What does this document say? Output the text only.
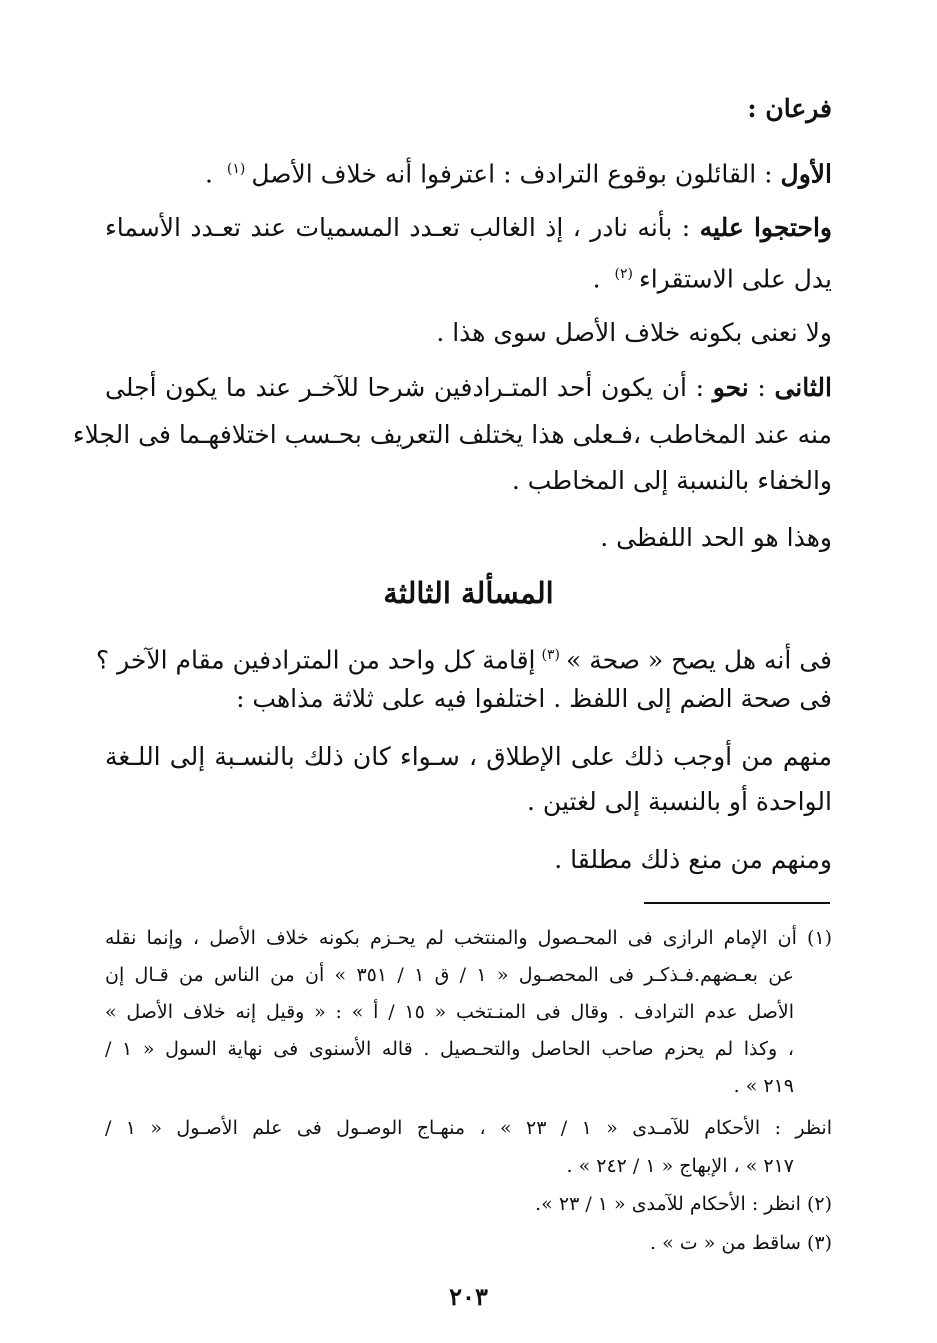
فرعان :
الأول : القائلون بوقوع الترادف : اعترفوا أنه خلاف الأصل$^{(١)}$ .
واحتجوا عليه : بأنه نادر ، إذ الغالب تعـدد المسميات عند تعـدد الأسماء
يدل على الاستقراء$^{(٢)}$ .
ولا نعنى بكونه خلاف الأصل سوى هذا .
الثانى : نحو : أن يكون أحد المتـرادفين شرحا للآخـر عند ما يكون أجلى
منه عند المخاطب ،فـعلى هذا يختلف التعريف بحـسب اختلافهـما فى الجلاء
والخفاء بالنسبة إلى المخاطب .
وهذا هو الحد اللفظى .
المسألة الثالثة
فى أنه هل يصح « صحة »$^{(٣)}$إقامة كل واحد من المترادفين مقام الآخر ؟
فى صحة الضم إلى اللفظ . اختلفوا فيه على ثلاثة مذاهب :
منهم من أوجب ذلك على الإطلاق ، سـواء كان ذلك بالنسـبة إلى اللـغة
الواحدة أو بالنسبة إلى لغتين .
ومنهم من منع ذلك مطلقا .
(١) أن الإمام الرازى فى المحـصول والمنتخب لم يحـزم بكونه خلاف الأصل ، وإنما نقله
عن بعـضهم.فـذكـر فى المحصـول « ١ / ق ١ / ٣٥١ » أن من الناس من قـال إن
الأصل عدم الترادف . وقال فى المنـتخب « ١٥ / أ » : « وقيل إنه خلاف الأصل »
، وكذا لم يحزم صاحب الحاصل والتحـصيل . قاله الأسنوى فى نهاية السول « ١ /
٢١٩ » .
انظر : الأحكام للآمـدى « ١ / ٢٣ » ، منهـاج الوصـول فى علم الأصـول « ١ /
٢١٧ » ، الإبهاج « ١ / ٢٤٢ » .
(٢) انظر : الأحكام للآمدى « ١ / ٢٣ ».
(٣) ساقط من « ت » .
٢٠٣
